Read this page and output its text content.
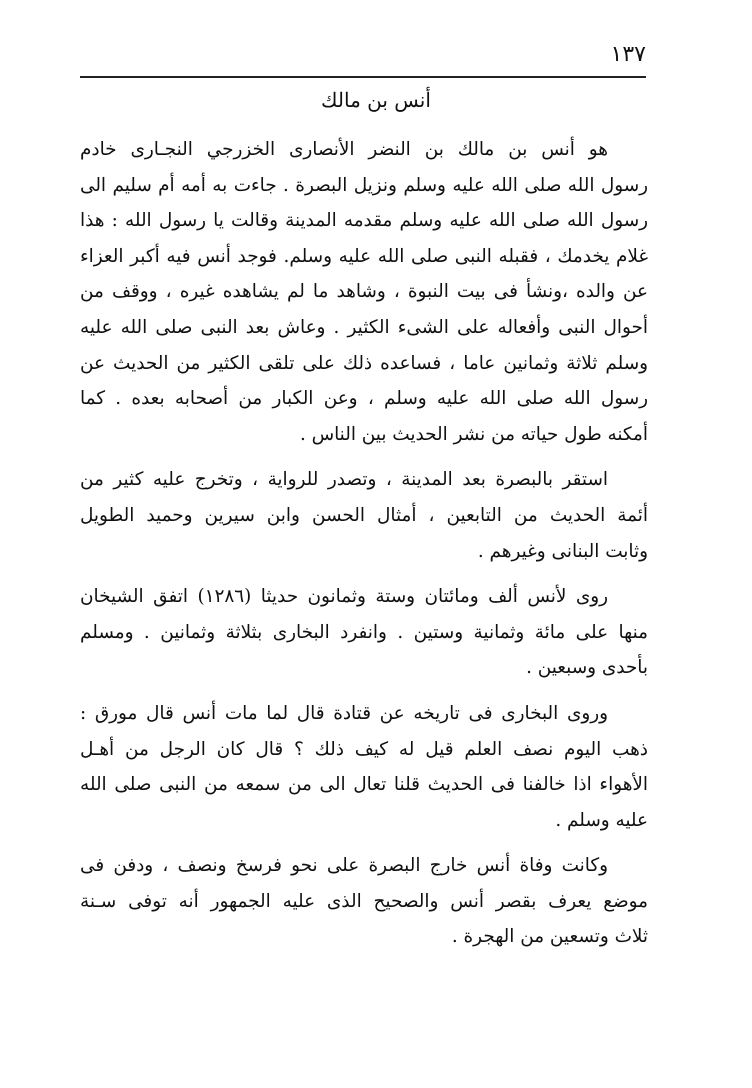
١٣٧
أنس بن مالك

هو أنس بن مالك بن النضر الأنصارى الخزرجي النجـارى خادم
رسول الله صلى الله عليه وسلم ونزيل البصرة . جاءت به أمه أم سليم الى
رسول الله صلى الله عليه وسلم مقدمه المدينة وقالت يا رسول الله : هذا
غلام يخدمك ، فقبله النبى صلى الله عليه وسلم. فوجد أنس فيه أكبر العزاء
عن والده ،ونشأ فى بيت النبوة ، وشاهد ما لم يشاهده غيره ، ووقف من
أحوال النبى وأفعاله على الشىء الكثير . وعاش بعد النبى صلى الله عليه
وسلم ثلاثة وثمانين عاما ، فساعده ذلك على تلقى الكثير من الحديث عن
رسول الله صلى الله عليه وسلم ، وعن الكبار من أصحابه بعده . كما
أمكنه طول حياته من نشر الحديث بين الناس .

استقر بالبصرة بعد المدينة ، وتصدر للرواية ، وتخرج عليه كثير من
أئمة الحديث من التابعين ، أمثال الحسن وابن سيرين وحميد الطويل
وثابت البنانى وغيرهم .

روى لأنس ألف ومائتان وستة وثمانون حديثا (١٢٨٦) اتفق الشيخان
منها على مائة وثمانية وستين . وانفرد البخارى بثلاثة وثمانين . ومسلم
بأحدى وسبعين .

وروى البخارى فى تاريخه عن قتادة قال لما مات أنس قال مورق :
ذهب اليوم نصف العلم قيل له كيف ذلك ؟ قال كان الرجل من أهـل
الأهواء اذا خالفنا فى الحديث قلنا تعال الى من سمعه من النبى صلى الله
عليه وسلم .

وكانت وفاة أنس خارج البصرة على نحو فرسخ ونصف ، ودفن فى
موضع يعرف بقصر أنس والصحيح الذى عليه الجمهور أنه توفى سـنة
ثلاث وتسعين من الهجرة .
